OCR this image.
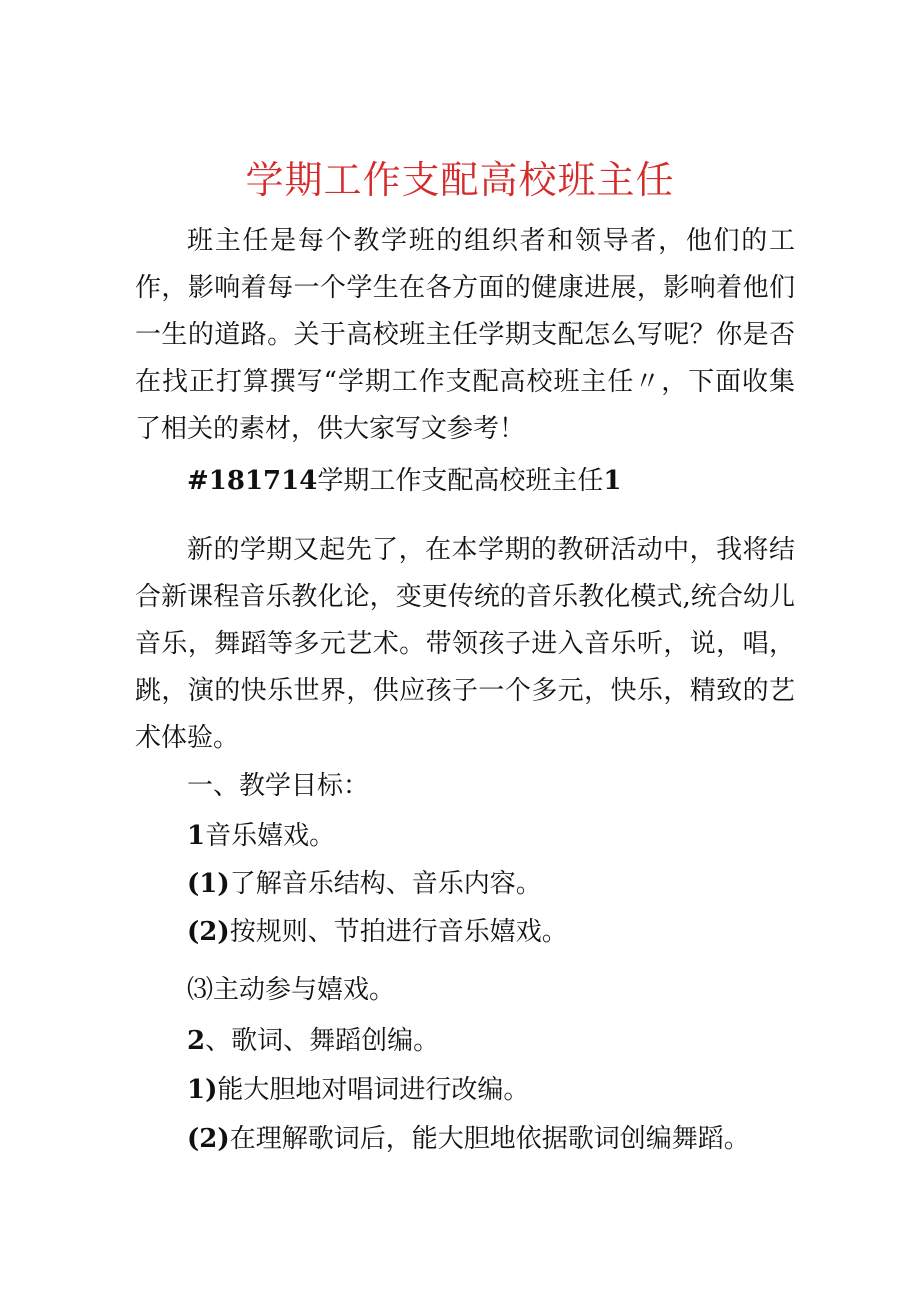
学期工作支配高校班主任

班主任是每个教学班的组织者和领导者，他们的工作，影响着每一个学生在各方面的健康进展，影响着他们一生的道路。关于高校班主任学期支配怎么写呢？你是否在找正打算撰写“学期工作支配高校班主任〃，下面收集了相关的素材，供大家写文参考！

#181714学期工作支配高校班主任1

新的学期又起先了，在本学期的教研活动中，我将结合新课程音乐教化论，变更传统的音乐教化模式,统合幼儿音乐，舞蹈等多元艺术。带领孩子进入音乐听，说，唱，跳，演的快乐世界，供应孩子一个多元，快乐，精致的艺术体验。

一、教学目标：

1音乐嬉戏。

(1)了解音乐结构、音乐内容。

(2)按规则、节拍进行音乐嬉戏。

⑶主动参与嬉戏。

2、歌词、舞蹈创编。

1)能大胆地对唱词进行改编。

(2)在理解歌词后，能大胆地依据歌词创编舞蹈。
